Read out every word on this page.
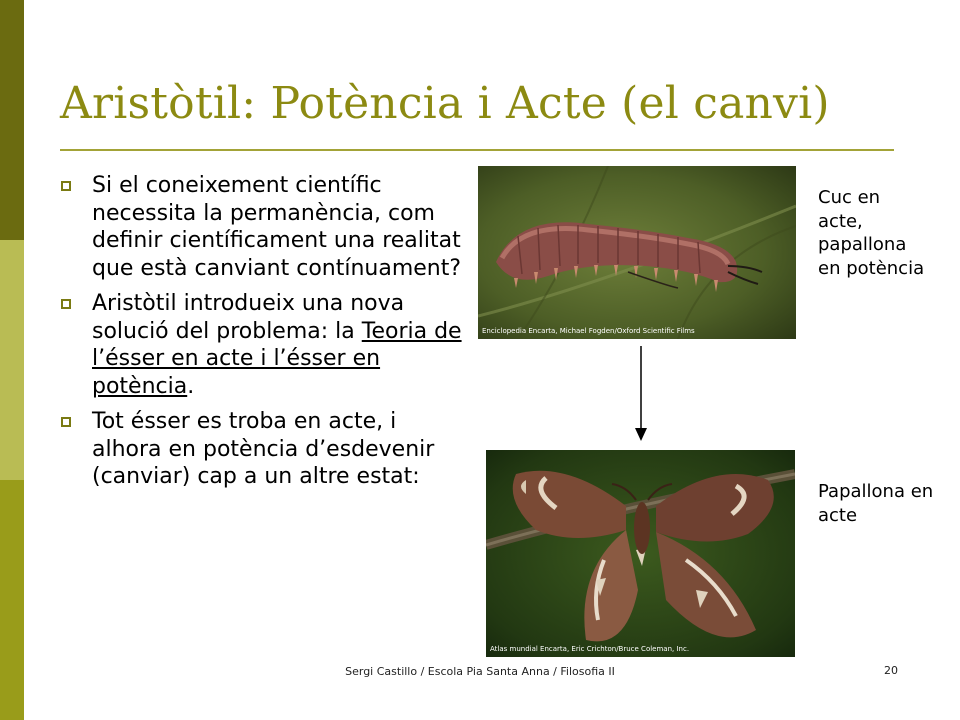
Aristòtil: Potència i Acte (el canvi)
Si el coneixement científic necessita la permanència, com definir científicament una realitat que està canviant contínuament?
Aristòtil introdueix una nova solució del problema: la Teoria de l’ésser en acte i l’ésser en potència.
Tot ésser es troba en acte, i alhora en potència d’esdevenir (canviar) cap a un altre estat:
Enciclopedia Encarta, Michael Fogden/Oxford Scientific Films
Atlas mundial Encarta, Eric Crichton/Bruce Coleman, Inc.
Cuc en acte, papallona en potència
Papallona en acte
Sergi Castillo / Escola Pia Santa Anna / Filosofia II	20
